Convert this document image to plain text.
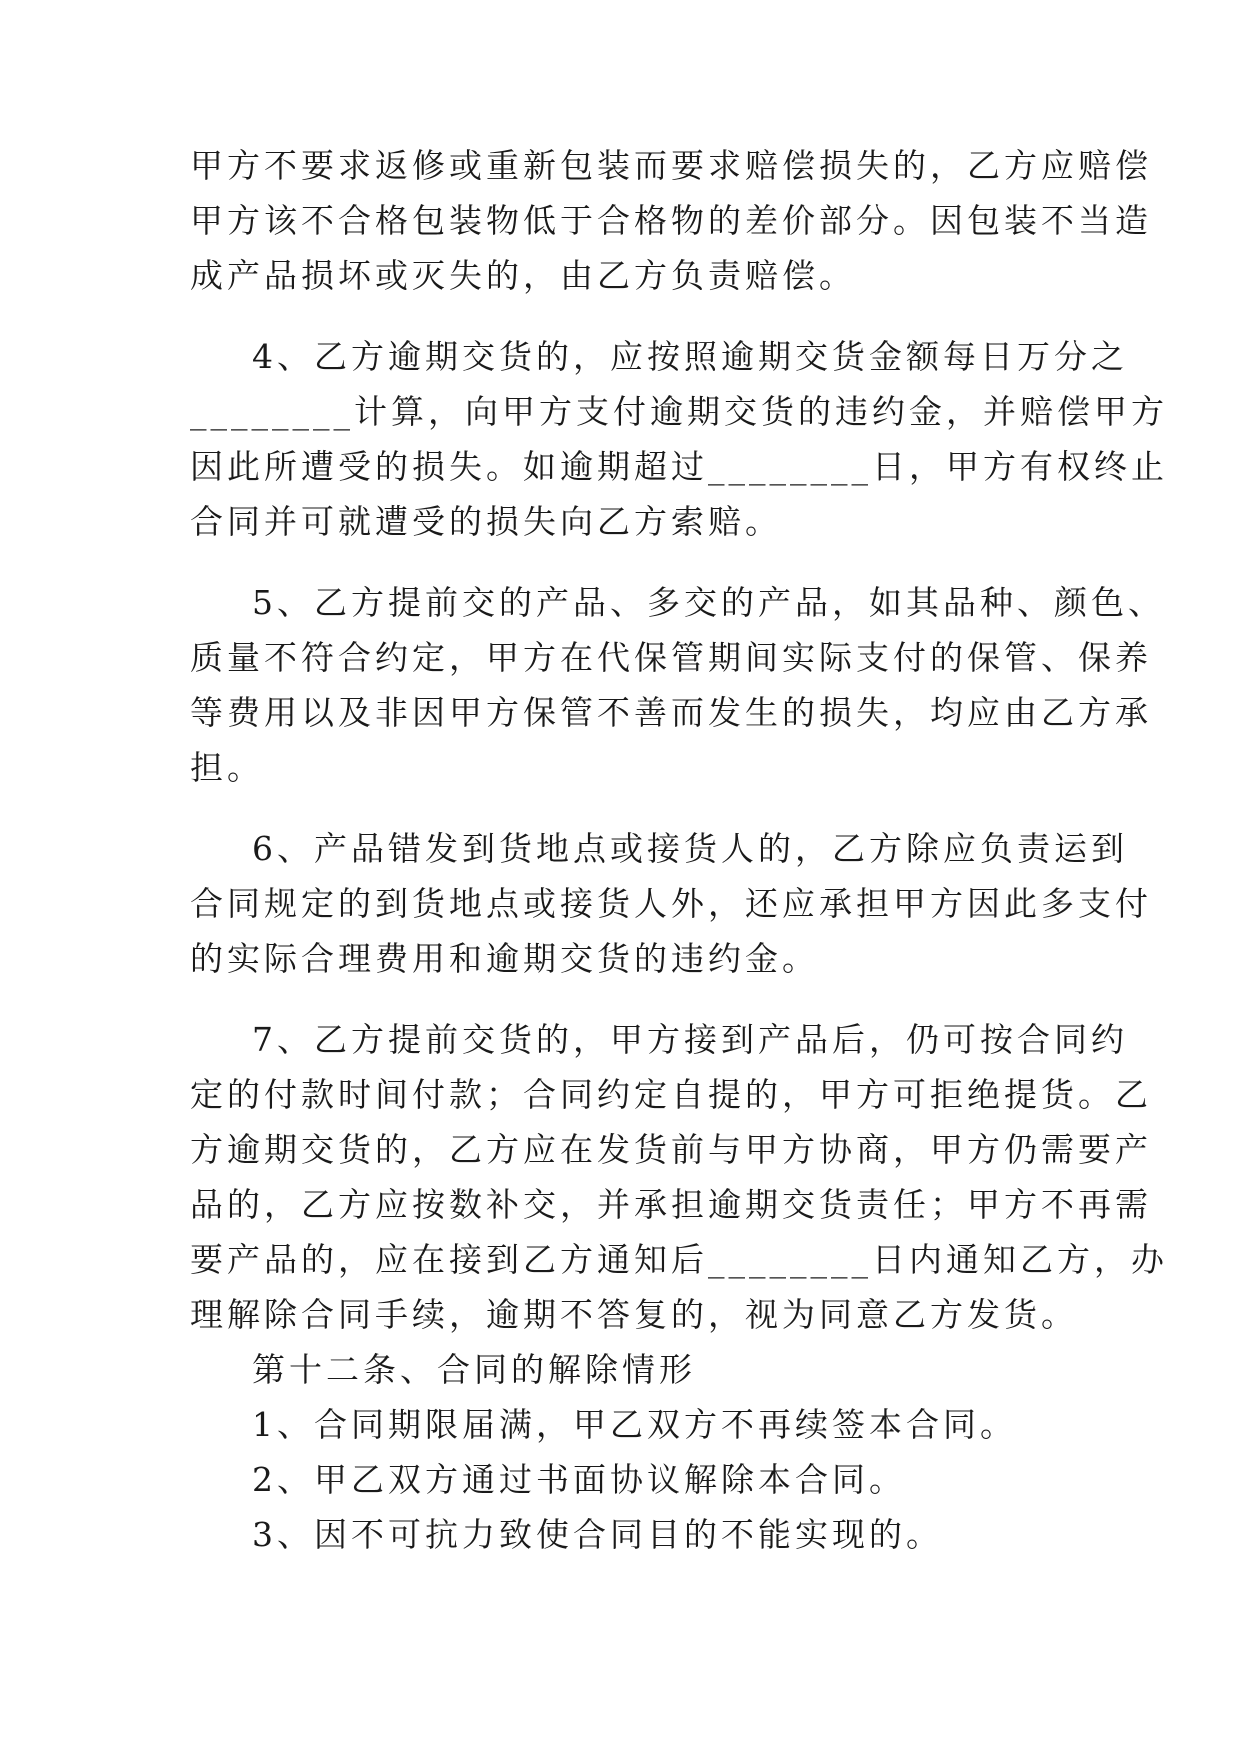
甲方不要求返修或重新包装而要求赔偿损失的，乙方应赔偿
甲方该不合格包装物低于合格物的差价部分。因包装不当造
成产品损坏或灭失的，由乙方负责赔偿。
4、乙方逾期交货的，应按照逾期交货金额每日万分之
________计算，向甲方支付逾期交货的违约金，并赔偿甲方
因此所遭受的损失。如逾期超过________日，甲方有权终止
合同并可就遭受的损失向乙方索赔。
5、乙方提前交的产品、多交的产品，如其品种、颜色、
质量不符合约定，甲方在代保管期间实际支付的保管、保养
等费用以及非因甲方保管不善而发生的损失，均应由乙方承
担。
6、产品错发到货地点或接货人的，乙方除应负责运到
合同规定的到货地点或接货人外，还应承担甲方因此多支付
的实际合理费用和逾期交货的违约金。
7、乙方提前交货的，甲方接到产品后，仍可按合同约
定的付款时间付款；合同约定自提的，甲方可拒绝提货。乙
方逾期交货的，乙方应在发货前与甲方协商，甲方仍需要产
品的，乙方应按数补交，并承担逾期交货责任；甲方不再需
要产品的，应在接到乙方通知后________日内通知乙方，办
理解除合同手续，逾期不答复的，视为同意乙方发货。
第十二条、合同的解除情形
1、合同期限届满，甲乙双方不再续签本合同。
2、甲乙双方通过书面协议解除本合同。
3、因不可抗力致使合同目的不能实现的。
